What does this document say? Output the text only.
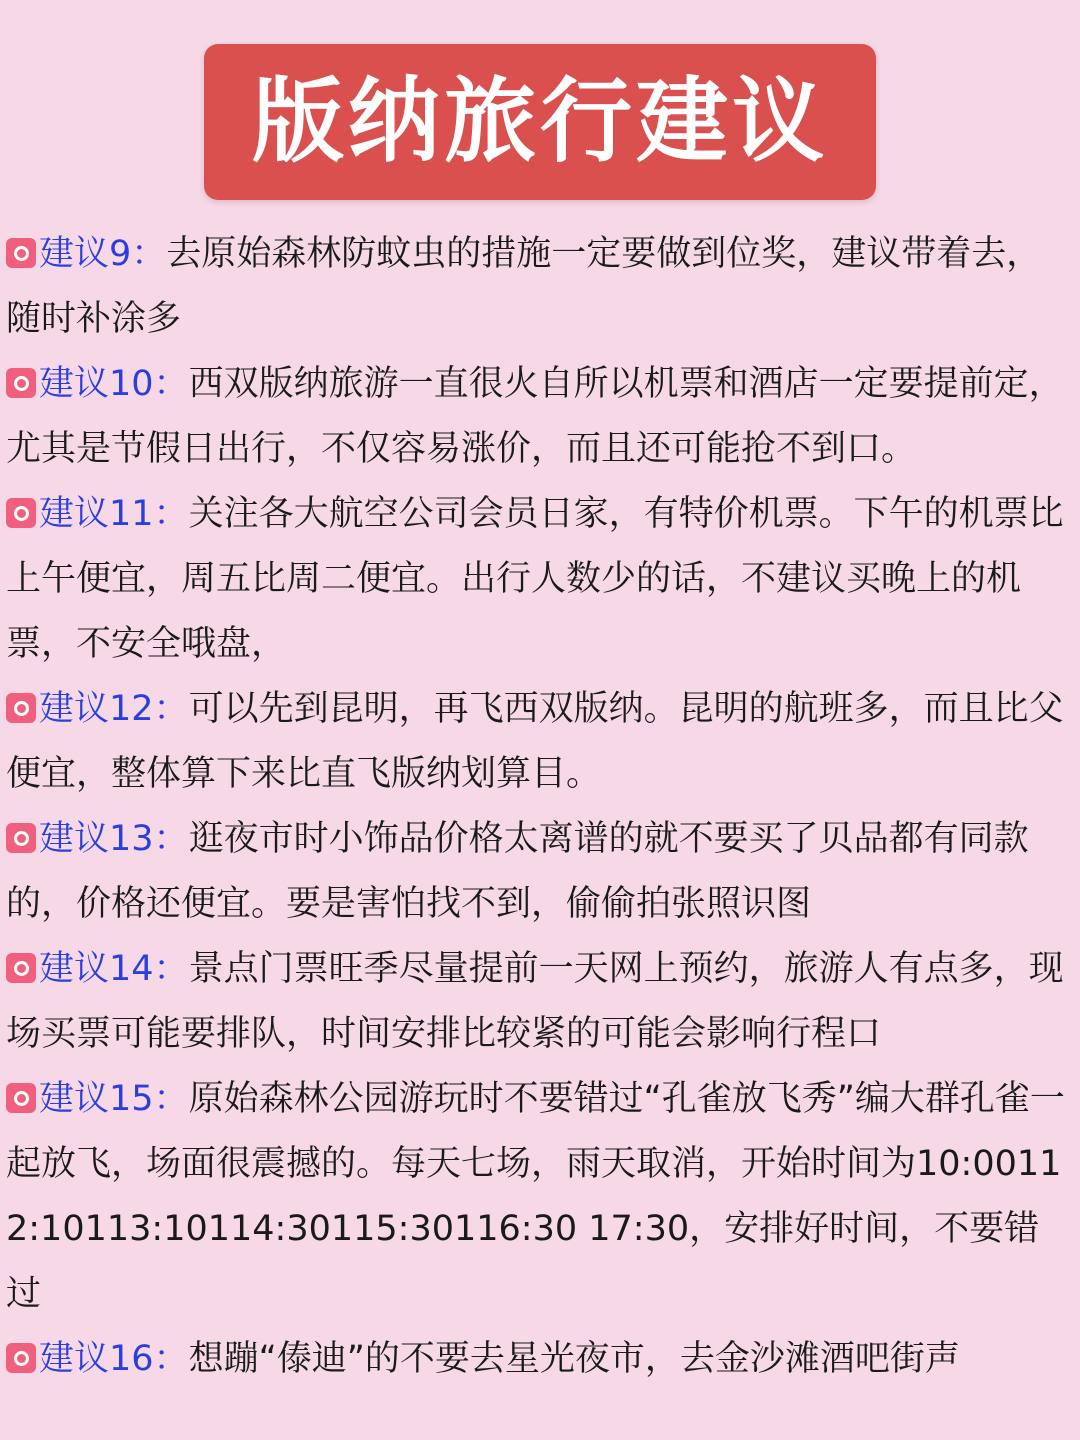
版纳旅行建议

建议9：去原始森林防蚊虫的措施一定要做到位奖，建议带着去，随时补涂多

建议10：西双版纳旅游一直很火自所以机票和酒店一定要提前定，尤其是节假日出行，不仅容易涨价，而且还可能抢不到口。

建议11：关注各大航空公司会员日家，有特价机票。下午的机票比上午便宜，周五比周二便宜。出行人数少的话，不建议买晚上的机票，不安全哦盘，

建议12：可以先到昆明，再飞西双版纳。昆明的航班多，而且比父便宜，整体算下来比直飞版纳划算目。

建议13：逛夜市时小饰品价格太离谱的就不要买了贝品都有同款的，价格还便宜。要是害怕找不到，偷偷拍张照识图

建议14：景点门票旺季尽量提前一天网上预约，旅游人有点多，现场买票可能要排队，时间安排比较紧的可能会影响行程口

建议15：原始森林公园游玩时不要错过“孔雀放飞秀”编大群孔雀一起放飞，场面很震撼的。每天七场，雨天取消，开始时间为10:00112:10113:10114:30115:30116:30 17:30，安排好时间，不要错过

建议16：想蹦“傣迪”的不要去星光夜市，去金沙滩酒吧街声
